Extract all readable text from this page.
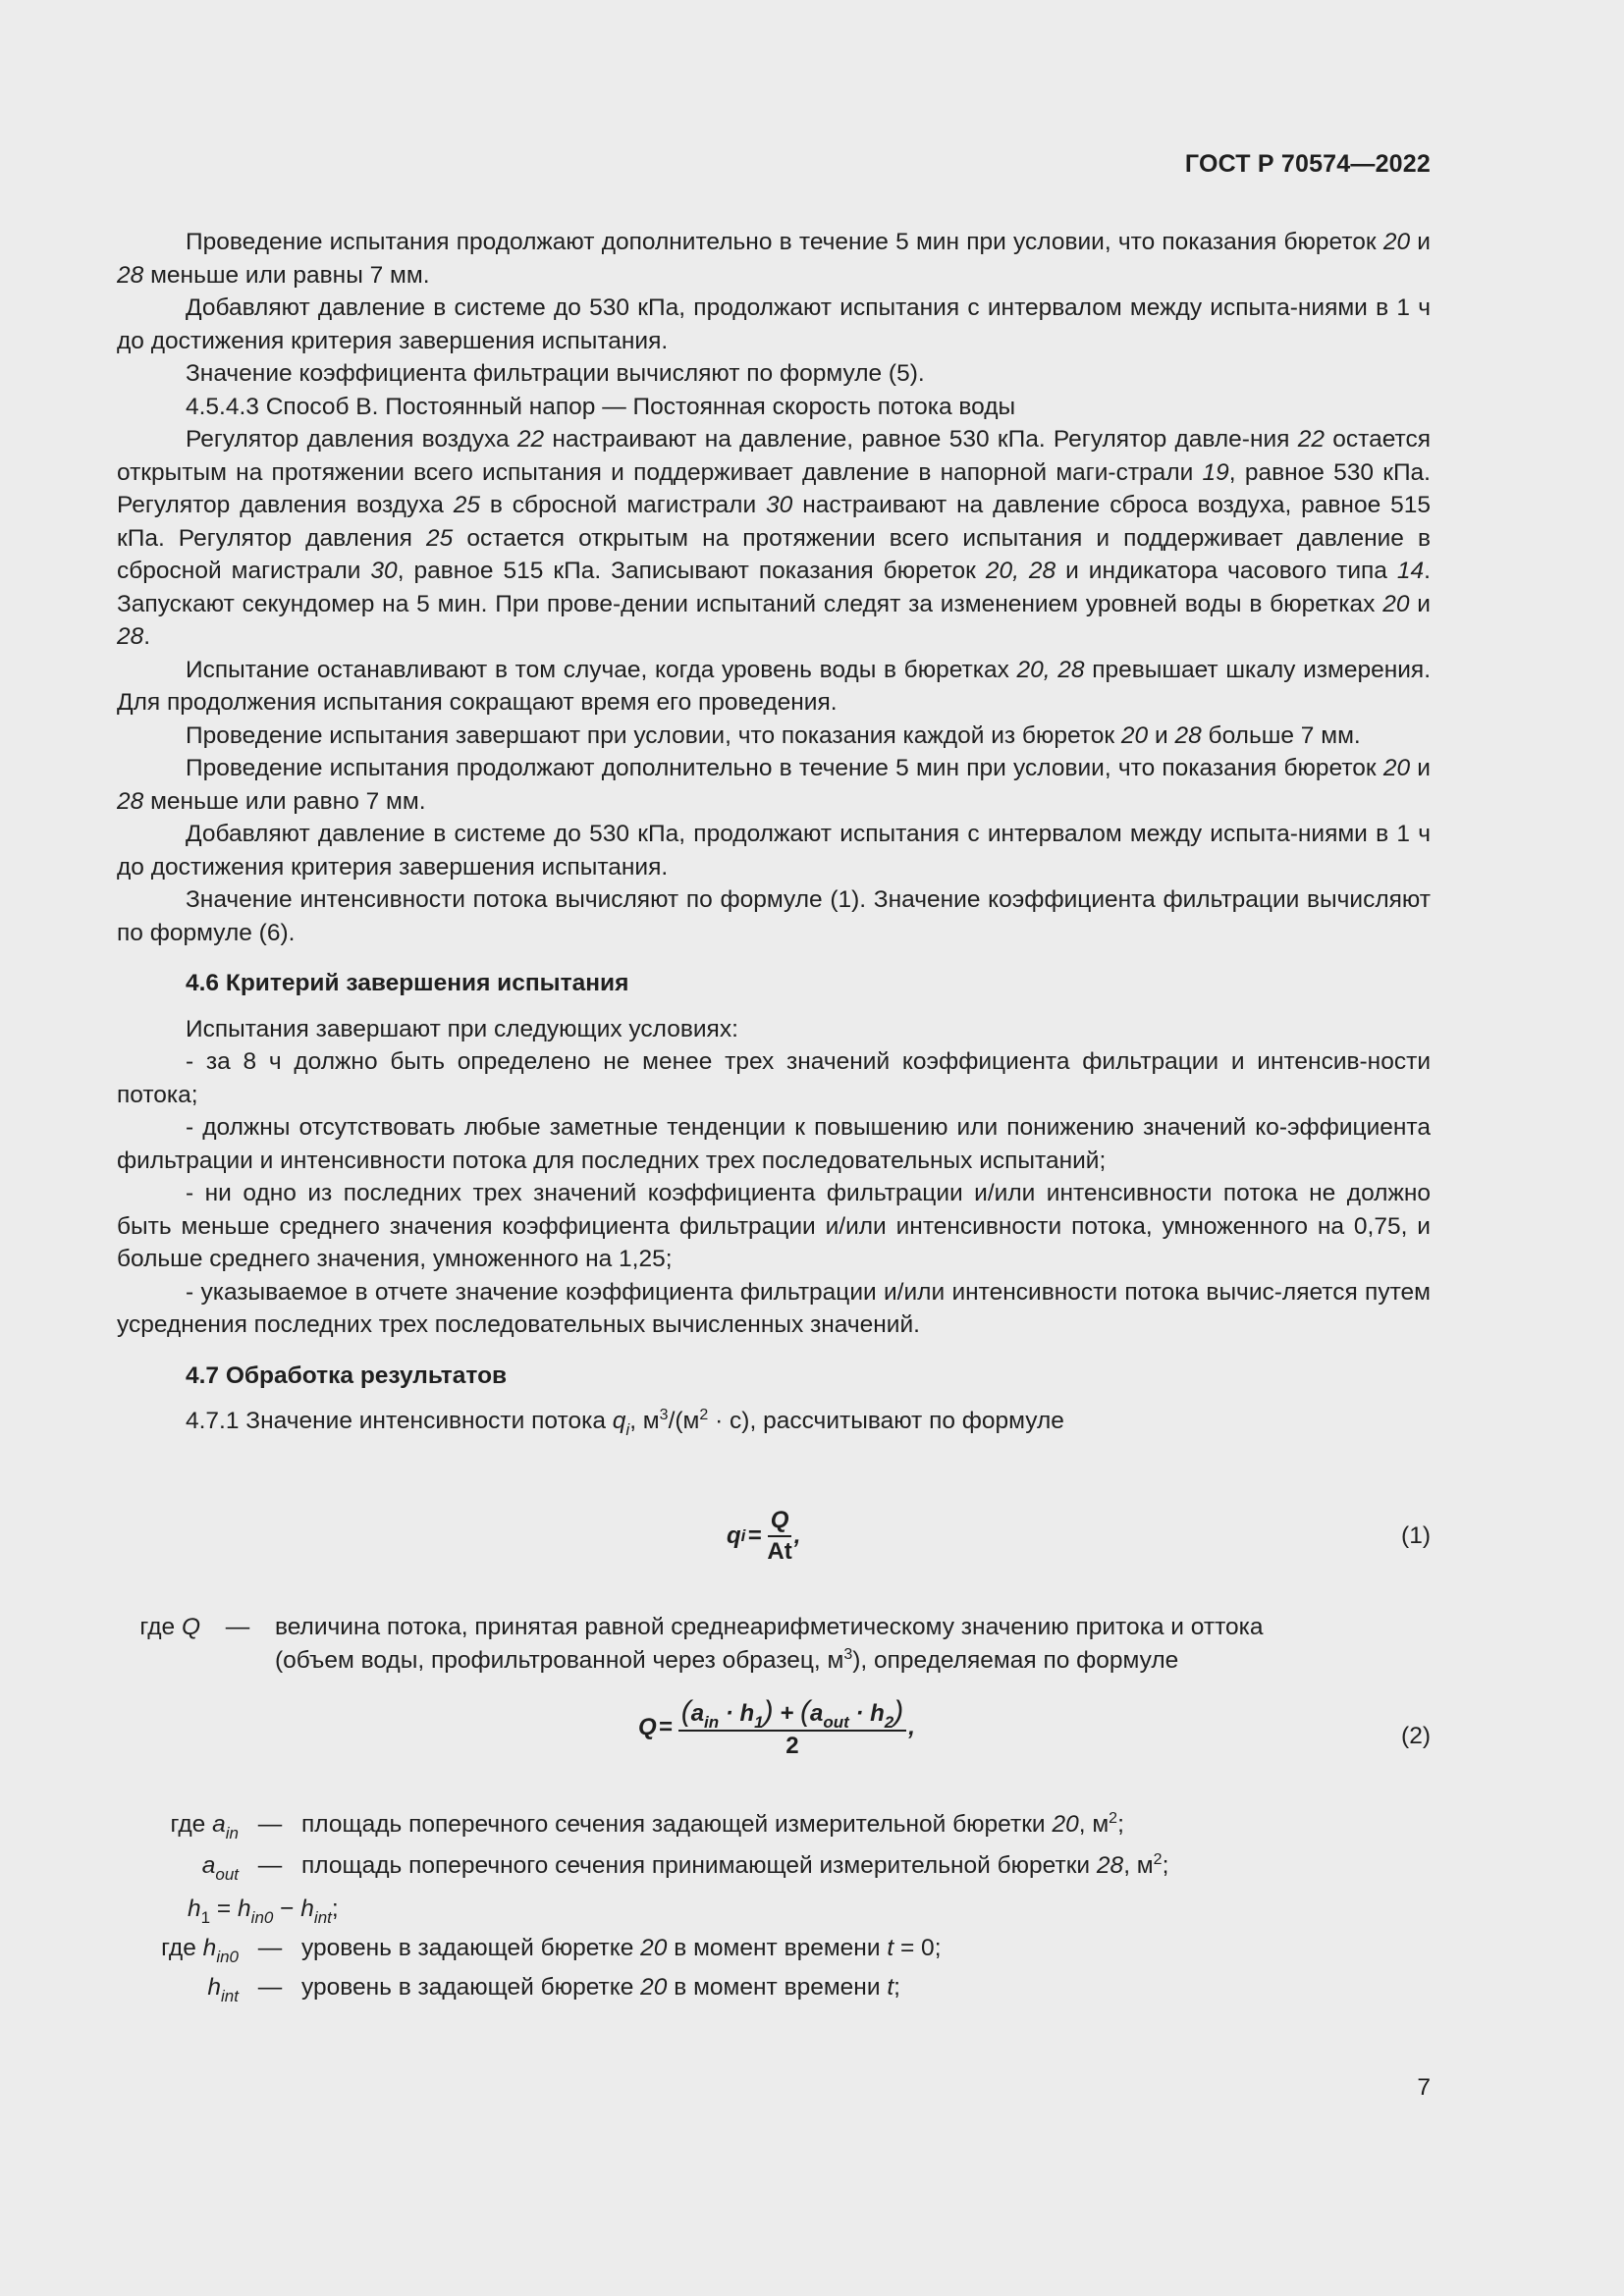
ГОСТ Р 70574—2022

Проведение испытания продолжают дополнительно в течение 5 мин при условии, что показания бюреток 20 и 28 меньше или равны 7 мм.

Добавляют давление в системе до 530 кПа, продолжают испытания с интервалом между испыта-ниями в 1 ч до достижения критерия завершения испытания.

Значение коэффициента фильтрации вычисляют по формуле (5).

4.5.4.3 Способ В. Постоянный напор — Постоянная скорость потока воды

Регулятор давления воздуха 22 настраивают на давление, равное 530 кПа. Регулятор давле-ния 22 остается открытым на протяжении всего испытания и поддерживает давление в напорной маги-страли 19, равное 530 кПа. Регулятор давления воздуха 25 в сбросной магистрали 30 настраивают на давление сброса воздуха, равное 515 кПа. Регулятор давления 25 остается открытым на протяжении всего испытания и поддерживает давление в сбросной магистрали 30, равное 515 кПа. Записывают показания бюреток 20, 28 и индикатора часового типа 14. Запускают секундомер на 5 мин. При прове-дении испытаний следят за изменением уровней воды в бюретках 20 и 28.

Испытание останавливают в том случае, когда уровень воды в бюретках 20, 28 превышает шкалу измерения. Для продолжения испытания сокращают время его проведения.

Проведение испытания завершают при условии, что показания каждой из бюреток 20 и 28 больше 7 мм.

Проведение испытания продолжают дополнительно в течение 5 мин при условии, что показания бюреток 20 и 28 меньше или равно 7 мм.

Добавляют давление в системе до 530 кПа, продолжают испытания с интервалом между испыта-ниями в 1 ч до достижения критерия завершения испытания.

Значение интенсивности потока вычисляют по формуле (1). Значение коэффициента фильтрации вычисляют по формуле (6).

4.6 Критерий завершения испытания

Испытания завершают при следующих условиях:

- за 8 ч должно быть определено не менее трех значений коэффициента фильтрации и интенсив-ности потока;

- должны отсутствовать любые заметные тенденции к повышению или понижению значений ко-эффициента фильтрации и интенсивности потока для последних трех последовательных испытаний;

- ни одно из последних трех значений коэффициента фильтрации и/или интенсивности потока не должно быть меньше среднего значения коэффициента фильтрации и/или интенсивности потока, умноженного на 0,75, и больше среднего значения, умноженного на 1,25;

- указываемое в отчете значение коэффициента фильтрации и/или интенсивности потока вычис-ляется путем усреднения последних трех последовательных вычисленных значений.

4.7 Обработка результатов

4.7.1 Значение интенсивности потока $q_i$, $м^3/(м^2 \cdot с)$, рассчитывают по формуле

q $i = \frac{Q}{At}$ ,	(1)
где Q	—	величина потока, принятая равной среднеарифметическому значению притока и оттока
(объем воды, профильтрованной через образец, $м^3$), определяемая по формуле
$Q = \frac{(a_{in} \cdot h_1) + (a_{out} \cdot h_2)}{2}$ ,	(2)
где $a_{in}$ — площадь поперечного сечения задающей измерительной бюретки 20, $м^2$;
$a_{out}$ — площадь поперечного сечения принимающей измерительной бюретки 28, $м^2$;
$h_1 = h_{in0} - h_{int}$;
где $h_{in0}$ — уровень в задающей бюретке 20 в момент времени t = 0;
$h_{int}$ — уровень в задающей бюретке 20 в момент времени t;
7
